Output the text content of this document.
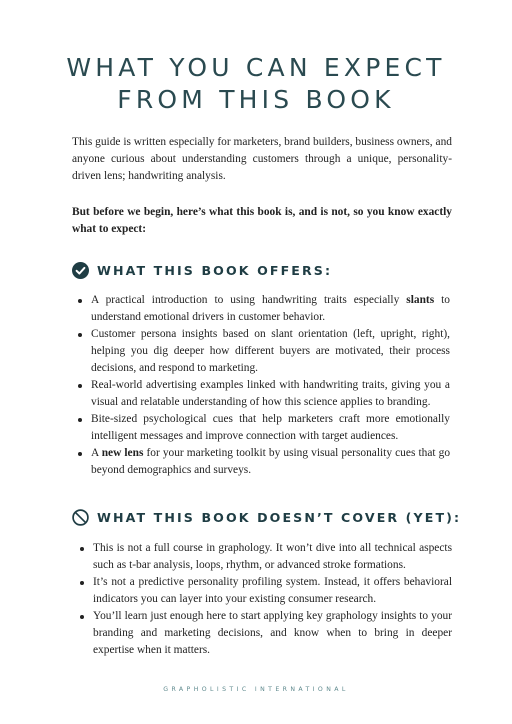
WHAT YOU CAN EXPECT
FROM THIS BOOK

This guide is written especially for marketers, brand builders, business owners, and anyone curious about understanding customers through a unique, personality-driven lens; handwriting analysis.

But before we begin, here’s what this book is, and is not, so you know exactly what to expect:

WHAT THIS BOOK OFFERS:
A practical introduction to using handwriting traits especially slants to understand emotional drivers in customer behavior.
Customer persona insights based on slant orientation (left, upright, right), helping you dig deeper how different buyers are motivated, their process decisions, and respond to marketing.
Real-world advertising examples linked with handwriting traits, giving you a visual and relatable understanding of how this science applies to branding.
Bite-sized psychological cues that help marketers craft more emotionally intelligent messages and improve connection with target audiences.
A new lens for your marketing toolkit by using visual personality cues that go beyond demographics and surveys.
WHAT THIS BOOK DOESN’T COVER (YET):
This is not a full course in graphology. It won’t dive into all technical aspects such as t-bar analysis, loops, rhythm, or advanced stroke formations.
It’s not a predictive personality profiling system. Instead, it offers behavioral indicators you can layer into your existing consumer research.
You’ll learn just enough here to start applying key graphology insights to your branding and marketing decisions, and know when to bring in deeper expertise when it matters.
GRAPHOLISTIC INTERNATIONAL
